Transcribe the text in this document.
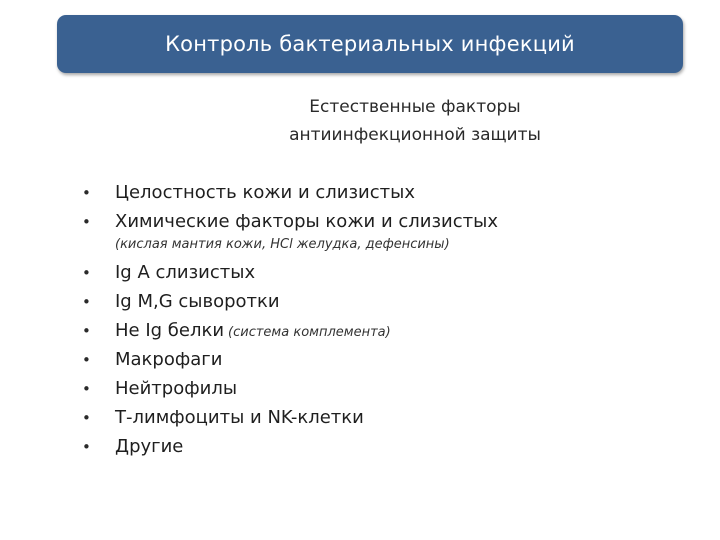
Контроль бактериальных инфекций
Естественные факторы
антиинфекционной защиты
•	Целостность кожи и слизистых
•	Химические факторы кожи и слизистых
(кислая мантия кожи, НСl желудка, дефенсины)
•	Ig A слизистых
•	Ig M,G сыворотки
•	Не Ig белки (система комплемента)
•	Макрофаги
•	Нейтрофилы
•	Т-лимфоциты и NK-клетки
•	Другие
